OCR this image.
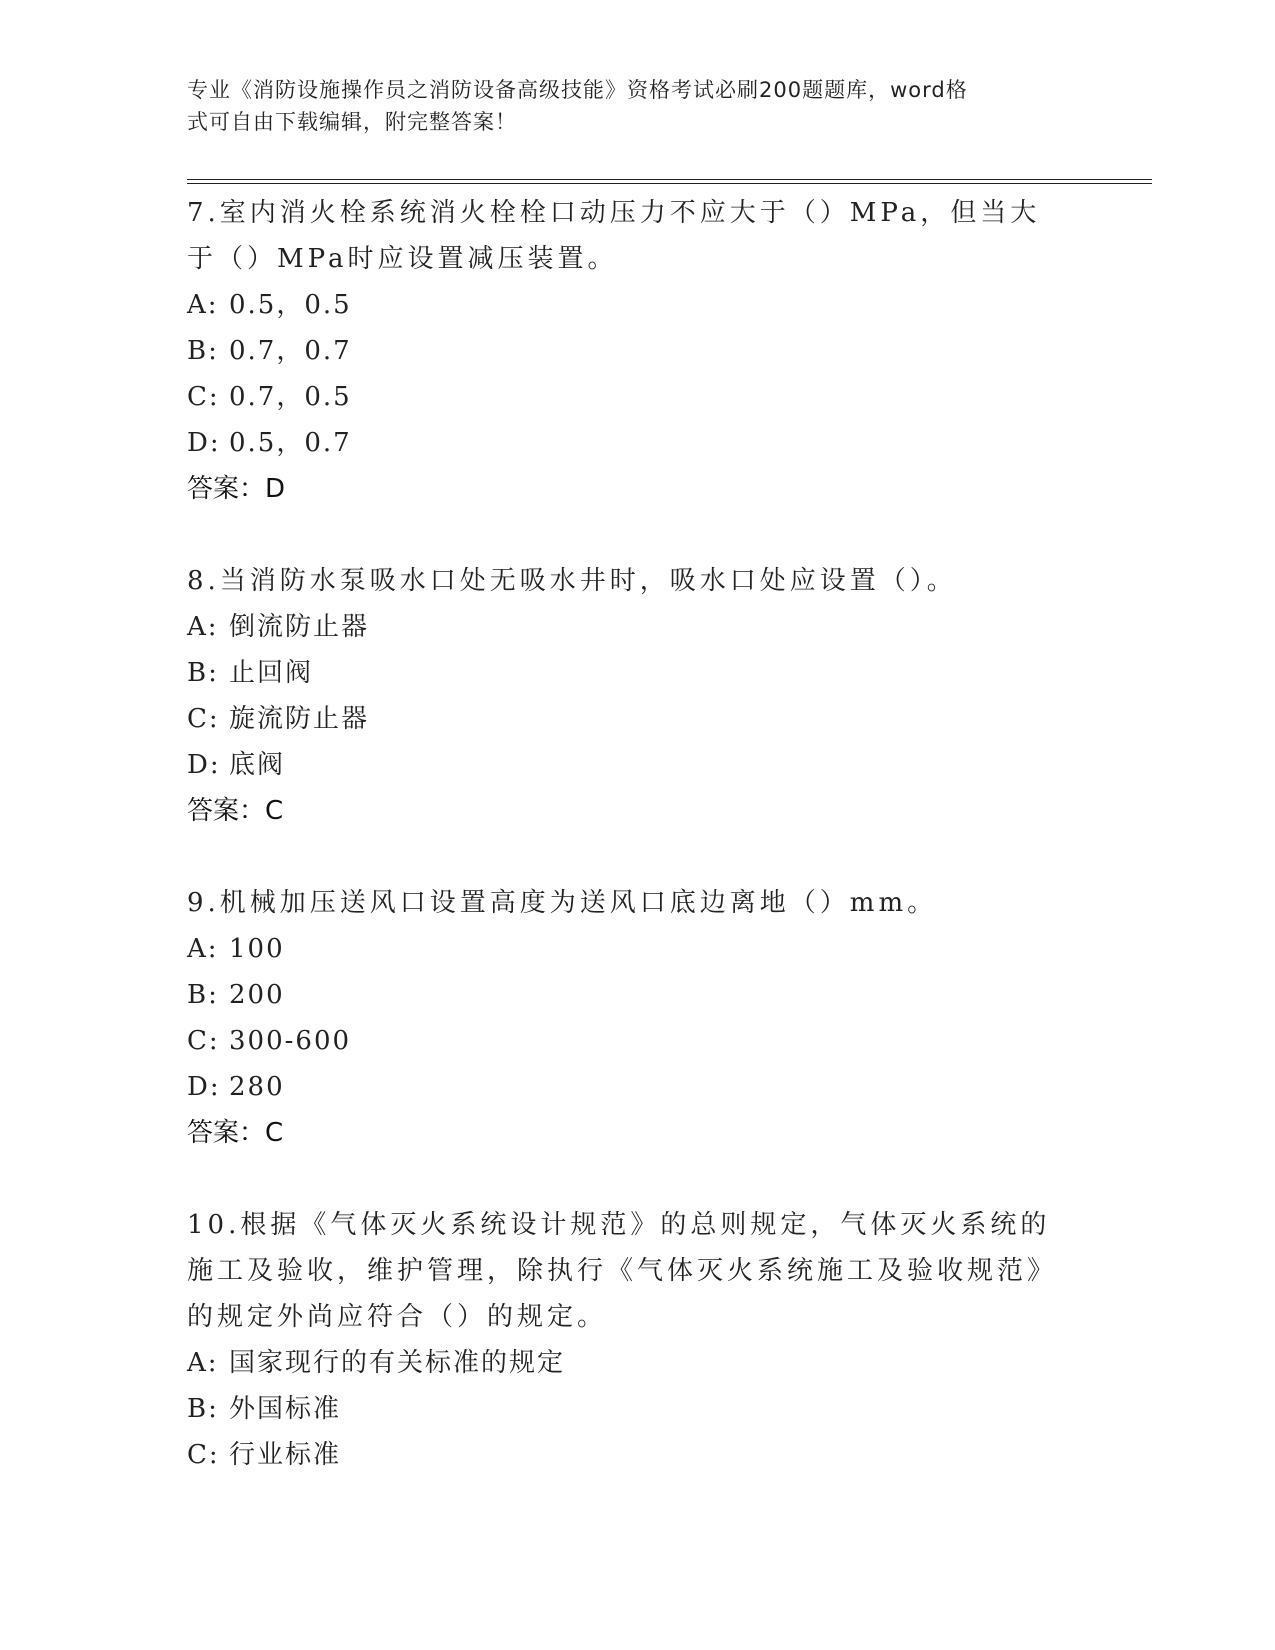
专业《消防设施操作员之消防设备高级技能》资格考试必刷200题题库，word格
式可自由下载编辑，附完整答案！

7.室内消火栓系统消火栓栓口动压力不应大于（）MPa，但当大于（）MPa时应设置减压装置。

A: 0.5，0.5

B: 0.7，0.7

C: 0.7，0.5

D: 0.5，0.7

答案：D

8.当消防水泵吸水口处无吸水井时，吸水口处应设置（）。

A: 倒流防止器

B: 止回阀

C: 旋流防止器

D: 底阀

答案：C

9.机械加压送风口设置高度为送风口底边离地（）mm。

A: 100

B: 200

C: 300-600

D: 280

答案：C

10.根据《气体灭火系统设计规范》的总则规定，气体灭火系统的施工及验收，维护管理，除执行《气体灭火系统施工及验收规范》的规定外尚应符合（）的规定。

A: 国家现行的有关标准的规定

B: 外国标准

C: 行业标准
